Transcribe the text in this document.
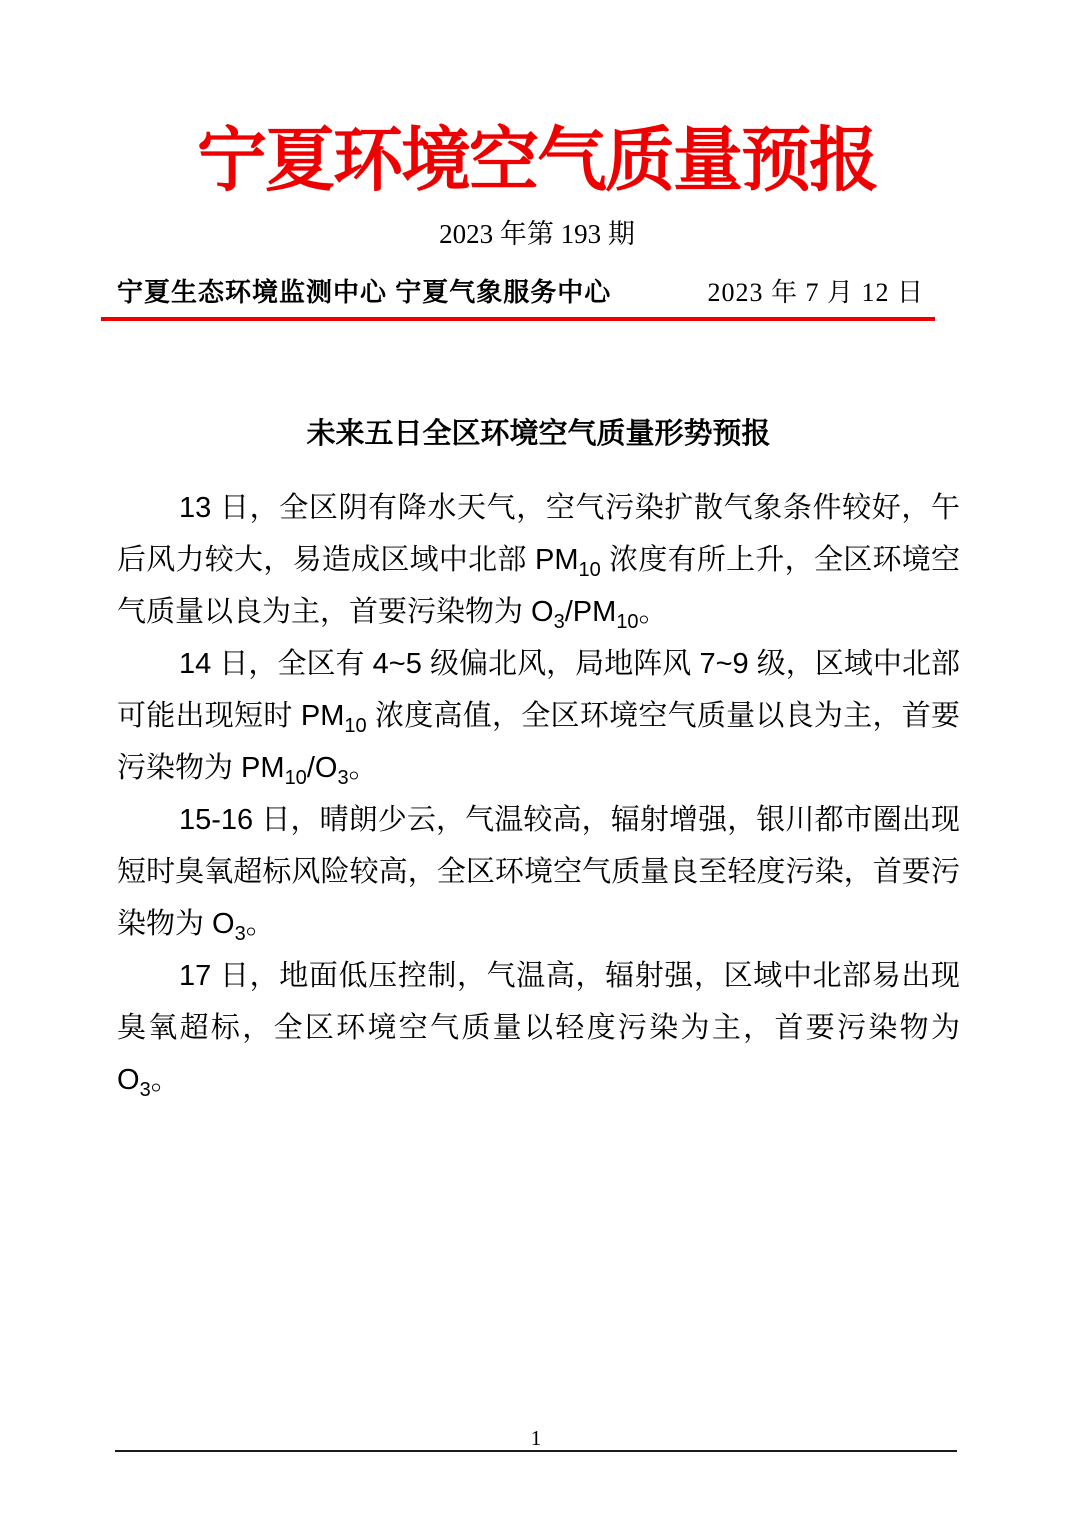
宁夏环境空气质量预报
2023 年第 193 期
宁夏生态环境监测中心 宁夏气象服务中心	2023 年 7 月 12 日
未来五日全区环境空气质量形势预报

13 日，全区阴有降水天气，空气污染扩散气象条件较好，午后风力较大，易造成区域中北部 $PM_{10}$ 浓度有所上升，全区环境空气质量以良为主，首要污染物为 $O_3/PM_{10}$。

14 日，全区有 4~5 级偏北风，局地阵风 7~9 级，区域中北部可能出现短时 $PM_{10}$ 浓度高值，全区环境空气质量以良为主，首要污染物为 $PM_{10}/O_3$。

15-16 日，晴朗少云，气温较高，辐射增强，银川都市圈出现短时臭氧超标风险较高，全区环境空气质量良至轻度污染，首要污染物为 $O_3$。

17 日，地面低压控制，气温高，辐射强，区域中北部易出现臭氧超标，全区环境空气质量以轻度污染为主，首要污染物为 $O_3$。

1
